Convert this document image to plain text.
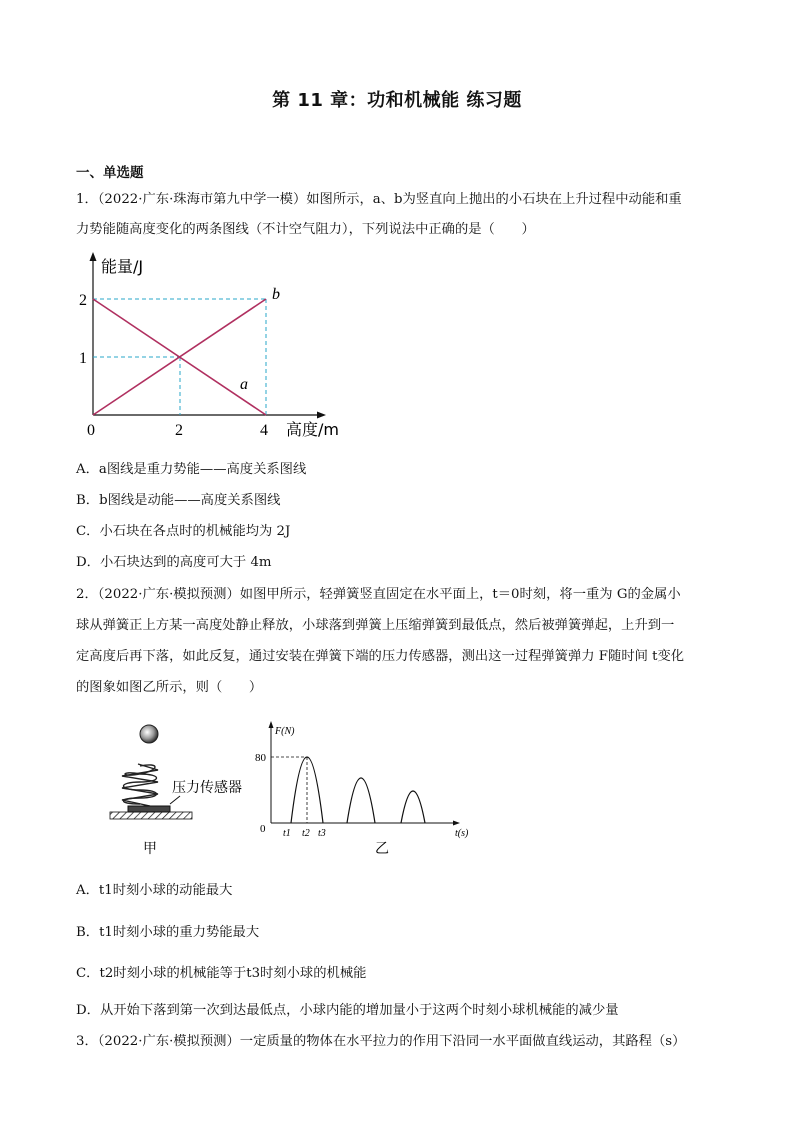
第 11 章：功和机械能 练习题
一、单选题
1．（2022·广东·珠海市第九中学一模）如图所示，a、b为竖直向上抛出的小石块在上升过程中动能和重
力势能随高度变化的两条图线（不计空气阻力），下列说法中正确的是（　　）
能量/J
高度/m
0	2	4
1
2	b
a
A．a图线是重力势能——高度关系图线
B．b图线是动能——高度关系图线
C．小石块在各点时的机械能均为 2J
D．小石块达到的高度可大于 4m
2．（2022·广东·模拟预测）如图甲所示，轻弹簧竖直固定在水平面上，t＝0时刻，将一重为 G的金属小
球从弹簧正上方某一高度处静止释放，小球落到弹簧上压缩弹簧到最低点，然后被弹簧弹起，上升到一
定高度后再下落，如此反复，通过安装在弹簧下端的压力传感器，测出这一过程弹簧弹力 F随时间 t变化
的图象如图乙所示，则（　　）
压力传感器
甲
F(N)
80
0 t1 t2 t3	t(s)
乙
A．t1时刻小球的动能最大
B．t1时刻小球的重力势能最大
C．t2时刻小球的机械能等于t3时刻小球的机械能
D．从开始下落到第一次到达最低点，小球内能的增加量小于这两个时刻小球机械能的减少量
3．（2022·广东·模拟预测）一定质量的物体在水平拉力的作用下沿同一水平面做直线运动，其路程（s）
